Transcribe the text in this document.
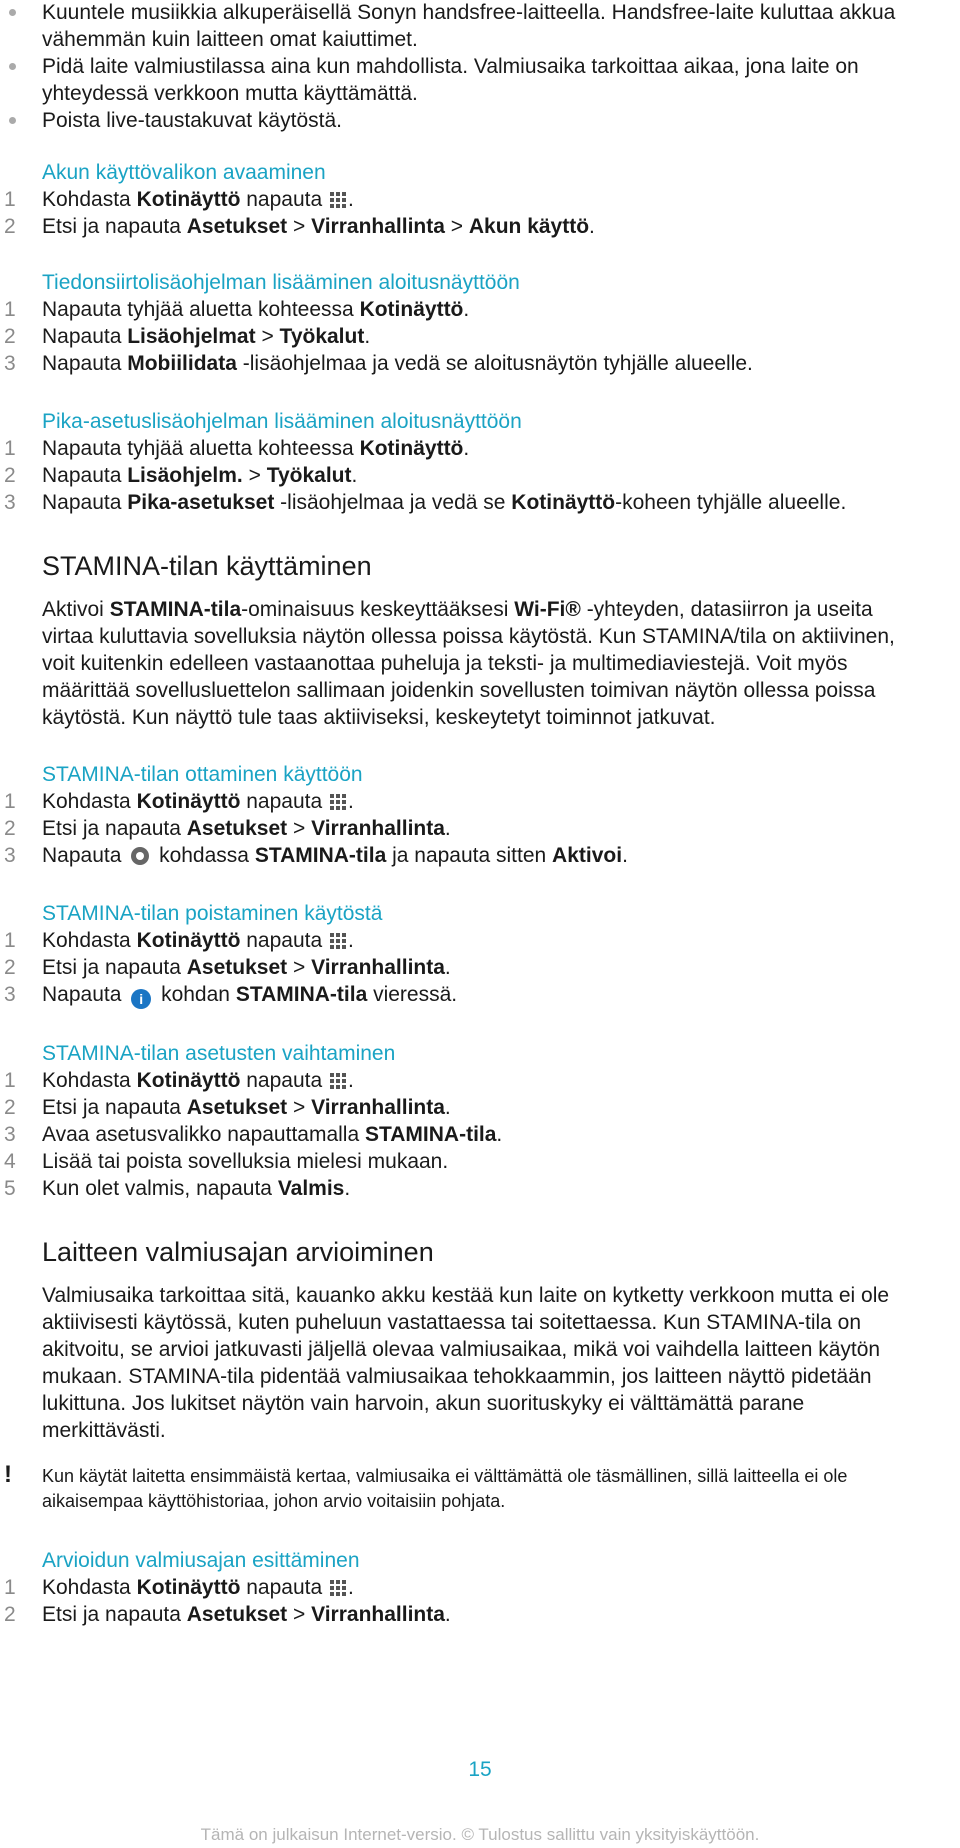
Kuuntele musiikkia alkuperäisellä Sonyn handsfree-laitteella. Handsfree-laite kuluttaa akkua vähemmän kuin laitteen omat kaiuttimet.
Pidä laite valmiustilassa aina kun mahdollista. Valmiusaika tarkoittaa aikaa, jona laite on yhteydessä verkkoon mutta käyttämättä.
Poista live-taustakuvat käytöstä.
Akun käyttövalikon avaaminen
1 Kohdasta Kotinäyttö napauta .
2 Etsi ja napauta Asetukset > Virranhallinta > Akun käyttö.
Tiedonsiirtolisäohjelman lisääminen aloitusnäyttöön
1 Napauta tyhjää aluetta kohteessa Kotinäyttö.
2 Napauta Lisäohjelmat > Työkalut.
3 Napauta Mobiilidata -lisäohjelmaa ja vedä se aloitusnäytön tyhjälle alueelle.
Pika-asetuslisäohjelman lisääminen aloitusnäyttöön
1 Napauta tyhjää aluetta kohteessa Kotinäyttö.
2 Napauta Lisäohjelm. > Työkalut.
3 Napauta Pika-asetukset -lisäohjelmaa ja vedä se Kotinäyttö-koheen tyhjälle alueelle.
STAMINA-tilan käyttäminen

Aktivoi STAMINA-tila-ominaisuus keskeyttääksesi Wi-Fi® -yhteyden, datasiirron ja useita virtaa kuluttavia sovelluksia näytön ollessa poissa käytöstä. Kun STAMINA/tila on aktiivinen, voit kuitenkin edelleen vastaanottaa puheluja ja teksti- ja multimediaviestejä. Voit myös määrittää sovellusluettelon sallimaan joidenkin sovellusten toimivan näytön ollessa poissa käytöstä. Kun näyttö tule taas aktiiviseksi, keskeytetyt toiminnot jatkuvat.

STAMINA-tilan ottaminen käyttöön
1 Kohdasta Kotinäyttö napauta .
2 Etsi ja napauta Asetukset > Virranhallinta.
3 Napauta  kohdassa STAMINA-tila ja napauta sitten Aktivoi.
STAMINA-tilan poistaminen käytöstä
1 Kohdasta Kotinäyttö napauta .
2 Etsi ja napauta Asetukset > Virranhallinta.
3 Napauta i kohdan STAMINA-tila vieressä.
STAMINA-tilan asetusten vaihtaminen
1 Kohdasta Kotinäyttö napauta .
2 Etsi ja napauta Asetukset > Virranhallinta.
3 Avaa asetusvalikko napauttamalla STAMINA-tila.
4 Lisää tai poista sovelluksia mielesi mukaan.
5 Kun olet valmis, napauta Valmis.
Laitteen valmiusajan arvioiminen

Valmiusaika tarkoittaa sitä, kauanko akku kestää kun laite on kytketty verkkoon mutta ei ole aktiivisesti käytössä, kuten puheluun vastattaessa tai soitettaessa. Kun STAMINA-tila on akitvoitu, se arvioi jatkuvasti jäljellä olevaa valmiusaikaa, mikä voi vaihdella laitteen käytön mukaan. STAMINA-tila pidentää valmiusaikaa tehokkaammin, jos laitteen näyttö pidetään lukittuna. Jos lukitset näytön vain harvoin, akun suorituskyky ei välttämättä parane merkittävästi.

! Kun käytät laitetta ensimmäistä kertaa, valmiusaika ei välttämättä ole täsmällinen, sillä laitteella ei ole aikaisempaa käyttöhistoriaa, johon arvio voitaisiin pohjata.
Arvioidun valmiusajan esittäminen
1 Kohdasta Kotinäyttö napauta .
2 Etsi ja napauta Asetukset > Virranhallinta.
15
Tämä on julkaisun Internet-versio. © Tulostus sallittu vain yksityiskäyttöön.
